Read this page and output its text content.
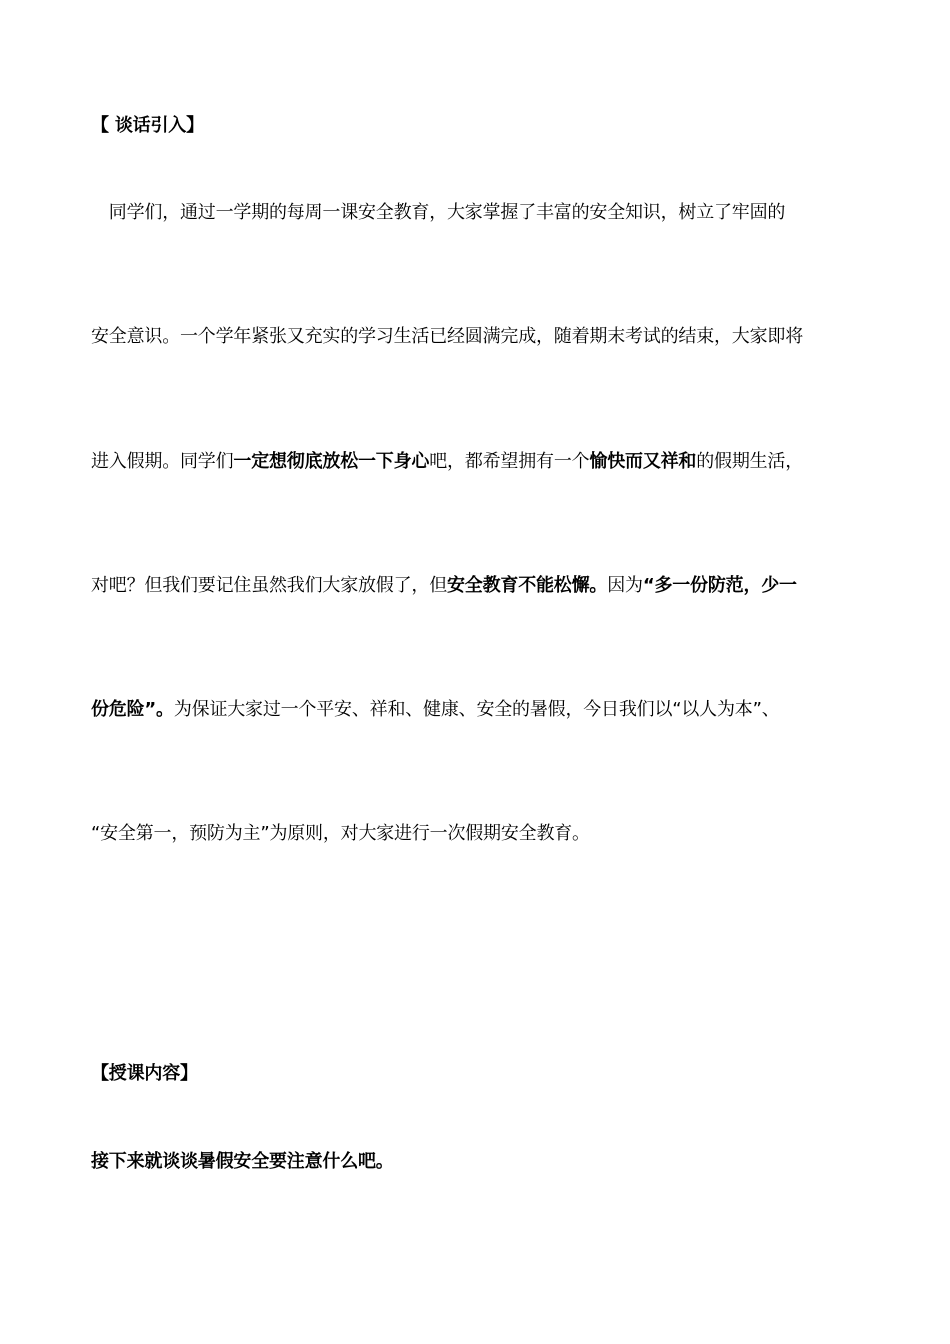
【 谈话引入】
　同学们，通过一学期的每周一课安全教育，大家掌握了丰富的安全知识，树立了牢固的
安全意识。一个学年紧张又充实的学习生活已经圆满完成，随着期末考试的结束，大家即将
进入假期。同学们一定想彻底放松一下身心吧，都希望拥有一个愉快而又祥和的假期生活，
对吧？但我们要记住虽然我们大家放假了，但安全教育不能松懈。因为“多一份防范，少一
份危险”。为保证大家过一个平安、祥和、健康、安全的暑假，今日我们以“以人为本”、
“安全第一，预防为主”为原则，对大家进行一次假期安全教育。
【授课内容】
接下来就谈谈暑假安全要注意什么吧。
